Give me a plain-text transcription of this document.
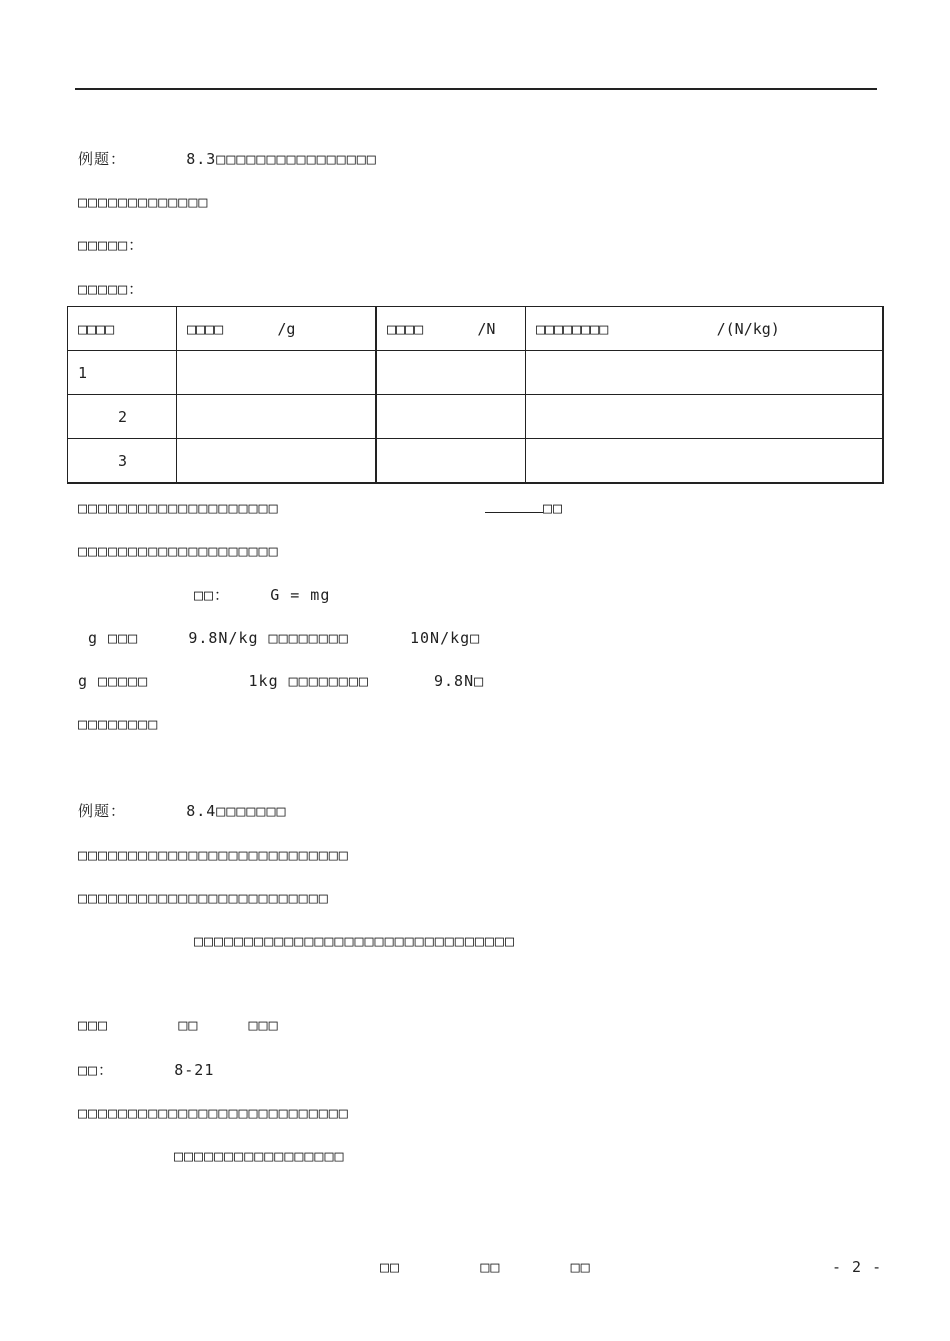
例题：	8.3□□□□□□□□□□□□□□□□
□□□□□□□□□□□□□
□□□□□：
□□□□□：
□□□□	□□□□ /g	□□□□ /N	□□□□□□□□ /(N/kg)
1			
2			
3			
□□□□□□□□□□□□□□□□□□□□	□□
□□□□□□□□□□□□□□□□□□□□
□□：	G = mg
g □□□	9.8N/kg □□□□□□□□	10N/kg□
g □□□□□	1kg □□□□□□□□	9.8N□
□□□□□□□□
例题：	8.4□□□□□□□
□□□□□□□□□□□□□□□□□□□□□□□□□□□
□□□□□□□□□□□□□□□□□□□□□□□□□
□□□□□□□□□□□□□□□□□□□□□□□□□□□□□□□□
□□□	□□	□□□
□□：	8-21
□□□□□□□□□□□□□□□□□□□□□□□□□□□
□□□□□□□□□□□□□□□□□
□□	□□	□□	- 2 -
